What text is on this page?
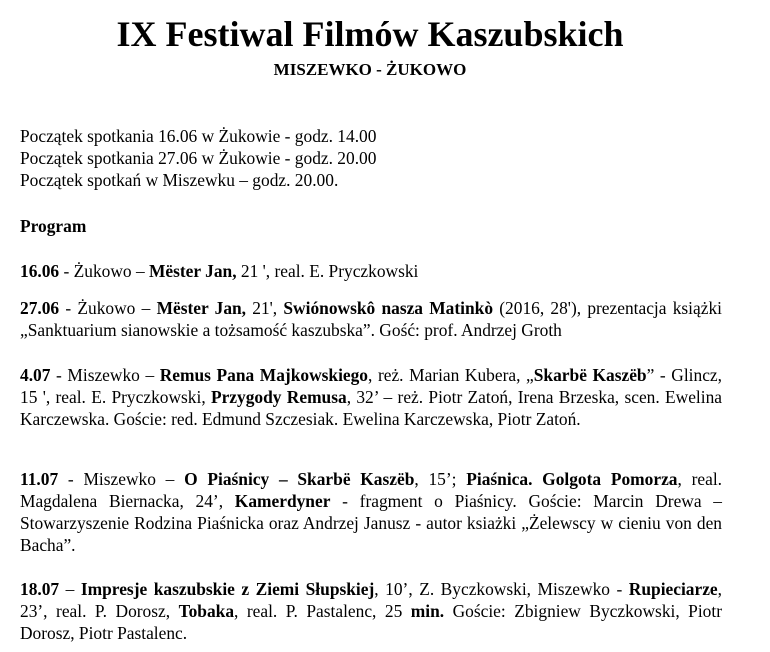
IX Festiwal Filmów Kaszubskich
MISZEWKO - ŻUKOWO
Początek spotkania 16.06 w Żukowie - godz. 14.00
Początek spotkania 27.06 w Żukowie - godz. 20.00
Początek spotkań w Miszewku – godz. 20.00.
Program
16.06 - Żukowo – Mëster Jan, 21 ', real. E. Pryczkowski
27.06 - Żukowo – Mëster Jan, 21', Swiónowskô nasza Matinkò (2016, 28'), prezentacja książki „Sanktuarium sianowskie a tożsamość kaszubska”. Gość: prof. Andrzej Groth
4.07 - Miszewko – Remus Pana Majkowskiego, reż. Marian Kubera, „Skarbë Kaszëb” - Glincz, 15 ', real. E. Pryczkowski, Przygody Remusa, 32’ – reż. Piotr Zatoń, Irena Brzeska, scen. Ewelina Karczewska. Goście: red. Edmund Szczesiak. Ewelina Karczewska, Piotr Zatoń.
11.07 - Miszewko – O Piaśnicy – Skarbë Kaszëb, 15’; Piaśnica. Golgota Pomorza, real. Magdalena Biernacka, 24’, Kamerdyner - fragment o Piaśnicy. Goście: Marcin Drewa – Stowarzyszenie Rodzina Piaśnicka oraz Andrzej Janusz - autor ksiażki „Żelewscy w cieniu von den Bacha”.
18.07 – Impresje kaszubskie z Ziemi Słupskiej, 10’, Z. Byczkowski, Miszewko - Rupieciarze, 23’, real. P. Dorosz, Tobaka, real. P. Pastalenc, 25 min. Goście: Zbigniew Byczkowski, Piotr Dorosz, Piotr Pastalenc.
